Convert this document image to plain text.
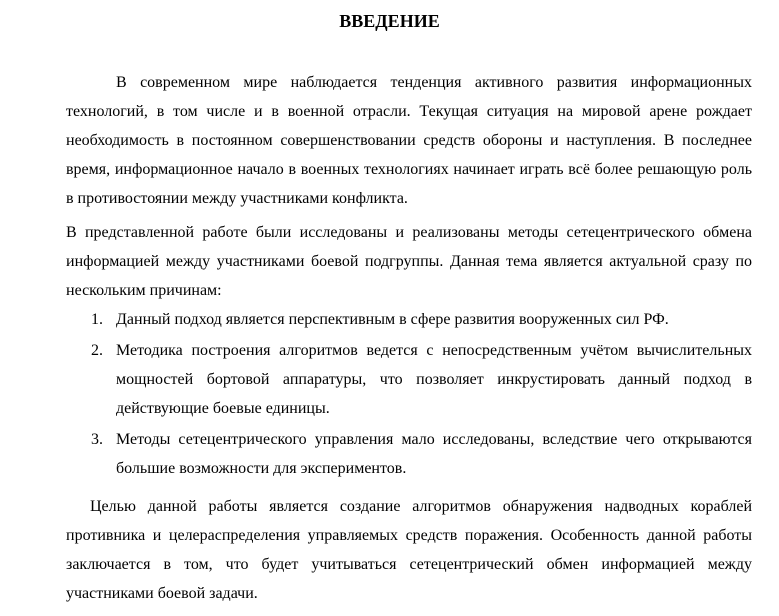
ВВЕДЕНИЕ

В современном мире наблюдается тенденция активного развития информационных технологий, в том числе и в военной отрасли. Текущая ситуация на мировой арене рождает необходимость в постоянном совершенствовании средств обороны и наступления. В последнее время, информационное начало в военных технологиях начинает играть всё более решающую роль в противостоянии между участниками конфликта.

В представленной работе были исследованы и реализованы методы сетецентрического обмена информацией между участниками боевой подгруппы. Данная тема является актуальной сразу по нескольким причинам:

1. Данный подход является перспективным в сфере развития вооруженных сил РФ.
2. Методика построения алгоритмов ведется с непосредственным учётом вычислительных мощностей бортовой аппаратуры, что позволяет инкрустировать данный подход в действующие боевые единицы.
3. Методы сетецентрического управления мало исследованы, вследствие чего открываются большие возможности для экспериментов.

Целью данной работы является создание алгоритмов обнаружения надводных кораблей противника и целераспределения управляемых средств поражения. Особенность данной работы заключается в том, что будет учитываться сетецентрический обмен информацией между участниками боевой задачи.
